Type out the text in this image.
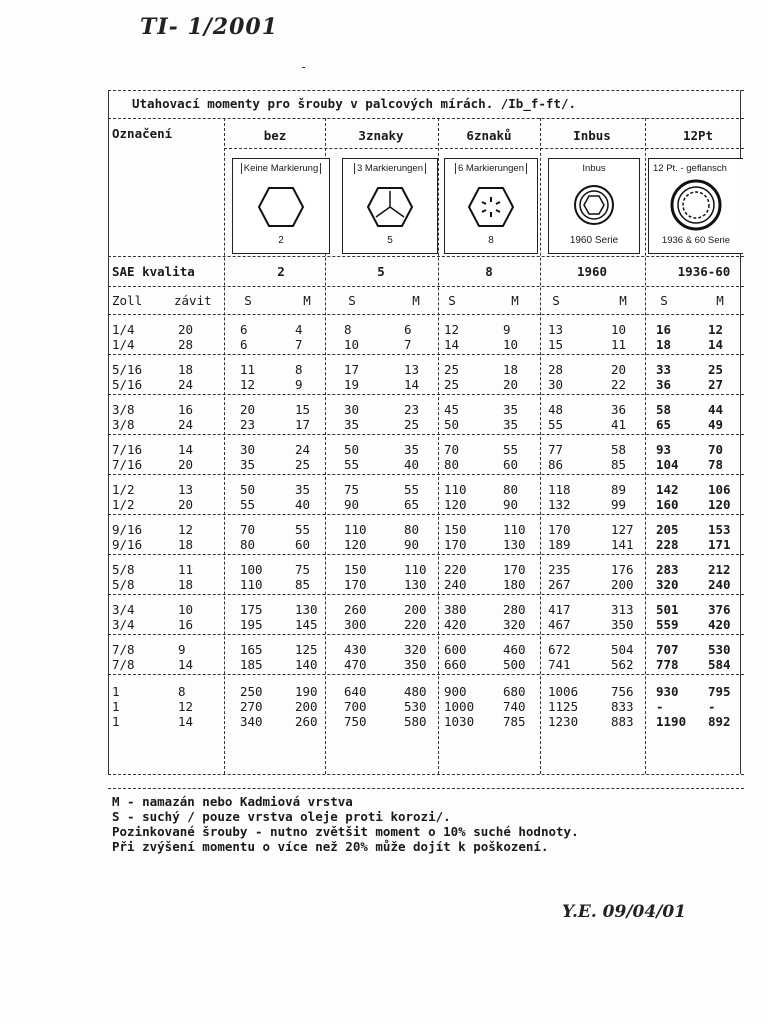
TI- 1/2001
-
Utahovací momenty pro šrouby v palcových mírách. /Ib_f-ft/.
Označení	bez	3znaky	6znaků	Inbus	12Pt
Keine Markierung
2
3 Markierungen
5
6 Markierungen
8
Inbus
1960 Serie
12 Pt. - geflansch
1936 & 60 Serie
SAE kvalita	2	5	8	1960	1936-60
Zoll	závit	S	M	S	M S	M	S	M	S	M
1/4	20	6	4	8	6	12	9	13	10 16	12
1/4	28	6	7	10	7	14	10 15	11 18	14
5/16	18	11	8	17	13 25	18 28	20 33	25
5/16	24	12	9	19	14 25	20 30	22 36	27
3/8	16	20	15	30	23 45	35 48	36 58	44
3/8	24	23	17	35	25 50	35 55	41 65	49
7/16	14	30	24	50	35 70	55 77	58 93	70
7/16	20	35	25	55	40 80	60 86	85 104 78
1/2	13	50	35	75	55 110	80 118	89 142 106
1/2	20	55	40	90	65 120	90 132	99 160 120
9/16	12	70	55	110	80 150	110 170	127 205 153
9/16	18	80	60	120	90 170	130 189	141 228 171
5/8	11	100	75	150	110 220	170 235	176 283 212
5/8	18	110	85	170	130 240	180 267	200 320 240
3/4	10	175	130 260	200 380	280 417	313 501 376
3/4	16	195	145 300	220 420	320 467	350 559 420
7/8	9	165	125 430	320 600	460 672	504 707 530
7/8	14	185	140 470	350 660	500 741	562 778 584
1	8	250	190 640	480 900	680 1006	756 930 795
1	12	270	200 700	530 1000 740 1125	833 -	-
1	14	340	260 750	580 1030 785 1230	883 1190 892
M - namazán nebo Kadmiová vrstva
S - suchý / pouze vrstva oleje proti korozi/.
Pozinkované šrouby - nutno zvětšit moment o 10% suché hodnoty.
Při zvýšení momentu o více než 20% může dojít k poškození.
Y.E. 09/04/01
